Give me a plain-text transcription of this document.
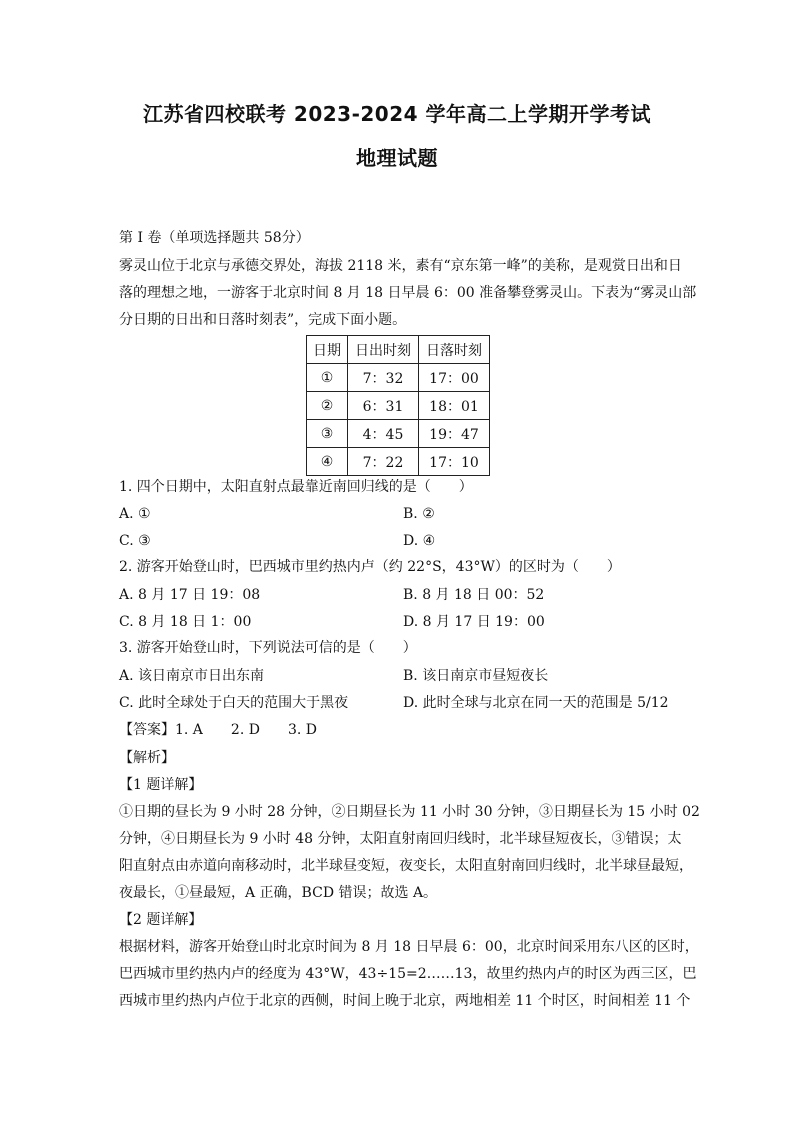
江苏省四校联考 2023-2024 学年高二上学期开学考试
地理试题
第 I 卷（单项选择题共 58分）
雾灵山位于北京与承德交界处，海拔 2118 米，素有“京东第一峰”的美称，是观赏日出和日
落的理想之地，一游客于北京时间 8 月 18 日早晨 6：00 准备攀登雾灵山。下表为“雾灵山部
分日期的日出和日落时刻表”，完成下面小题。
日期	日出时刻	日落时刻
①	7：32	17：00
②	6：31	18：01
③	4：45	19：47
④	7：22	17：10
1. 四个日期中，太阳直射点最靠近南回归线的是（　　）
A. ①	B. ②
C. ③	D. ④
2. 游客开始登山时，巴西城市里约热内卢（约 22°S，43°W）的区时为（　　）
A. 8 月 17 日 19：08	B. 8 月 18 日 00：52
C. 8 月 18 日 1：00	D. 8 月 17 日 19：00
3. 游客开始登山时，下列说法可信的是（　　）
A. 该日南京市日出东南	B. 该日南京市昼短夜长
C. 此时全球处于白天的范围大于黑夜	D. 此时全球与北京在同一天的范围是 5/12
【答案】1. A　　2. D　　3. D
【解析】
【1 题详解】
①日期的昼长为 9 小时 28 分钟，②日期昼长为 11 小时 30 分钟，③日期昼长为 15 小时 02
分钟，④日期昼长为 9 小时 48 分钟，太阳直射南回归线时，北半球昼短夜长，③错误；太
阳直射点由赤道向南移动时，北半球昼变短，夜变长，太阳直射南回归线时，北半球昼最短，
夜最长，①昼最短，A 正确，BCD 错误；故选 A。
【2 题详解】
根据材料，游客开始登山时北京时间为 8 月 18 日早晨 6：00，北京时间采用东八区的区时，
巴西城市里约热内卢的经度为 43°W，43÷15=2……13，故里约热内卢的时区为西三区，巴
西城市里约热内卢位于北京的西侧，时间上晚于北京，两地相差 11 个时区，时间相差 11 个
